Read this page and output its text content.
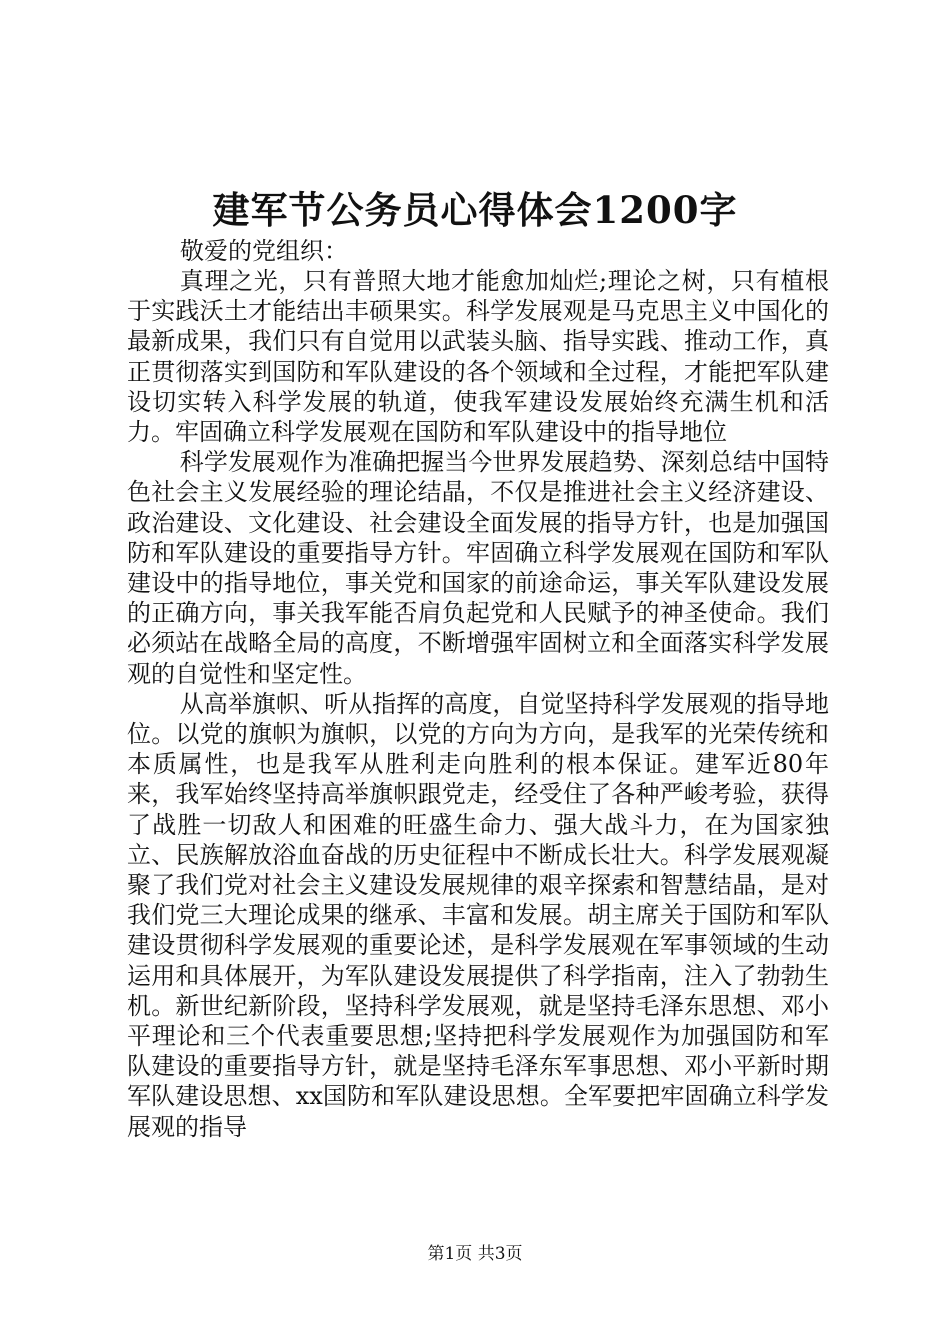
建军节公务员心得体会1200字
敬爱的党组织：

真理之光，只有普照大地才能愈加灿烂;理论之树，只有植根于实践沃土才能结出丰硕果实。科学发展观是马克思主义中国化的最新成果，我们只有自觉用以武装头脑、指导实践、推动工作，真正贯彻落实到国防和军队建设的各个领域和全过程，才能把军队建设切实转入科学发展的轨道，使我军建设发展始终充满生机和活力。牢固确立科学发展观在国防和军队建设中的指导地位

科学发展观作为准确把握当今世界发展趋势、深刻总结中国特色社会主义发展经验的理论结晶，不仅是推进社会主义经济建设、政治建设、文化建设、社会建设全面发展的指导方针，也是加强国防和军队建设的重要指导方针。牢固确立科学发展观在国防和军队建设中的指导地位，事关党和国家的前途命运，事关军队建设发展的正确方向，事关我军能否肩负起党和人民赋予的神圣使命。我们必须站在战略全局的高度，不断增强牢固树立和全面落实科学发展观的自觉性和坚定性。

从高举旗帜、听从指挥的高度，自觉坚持科学发展观的指导地位。以党的旗帜为旗帜，以党的方向为方向，是我军的光荣传统和本质属性，也是我军从胜利走向胜利的根本保证。建军近80年来，我军始终坚持高举旗帜跟党走，经受住了各种严峻考验，获得了战胜一切敌人和困难的旺盛生命力、强大战斗力，在为国家独立、民族解放浴血奋战的历史征程中不断成长壮大。科学发展观凝聚了我们党对社会主义建设发展规律的艰辛探索和智慧结晶，是对我们党三大理论成果的继承、丰富和发展。胡主席关于国防和军队建设贯彻科学发展观的重要论述，是科学发展观在军事领域的生动运用和具体展开，为军队建设发展提供了科学指南，注入了勃勃生机。新世纪新阶段，坚持科学发展观，就是坚持毛泽东思想、邓小平理论和三个代表重要思想;坚持把科学发展观作为加强国防和军队建设的重要指导方针，就是坚持毛泽东军事思想、邓小平新时期军队建设思想、xx国防和军队建设思想。全军要把牢固确立科学发展观的指导

第1页 共3页
